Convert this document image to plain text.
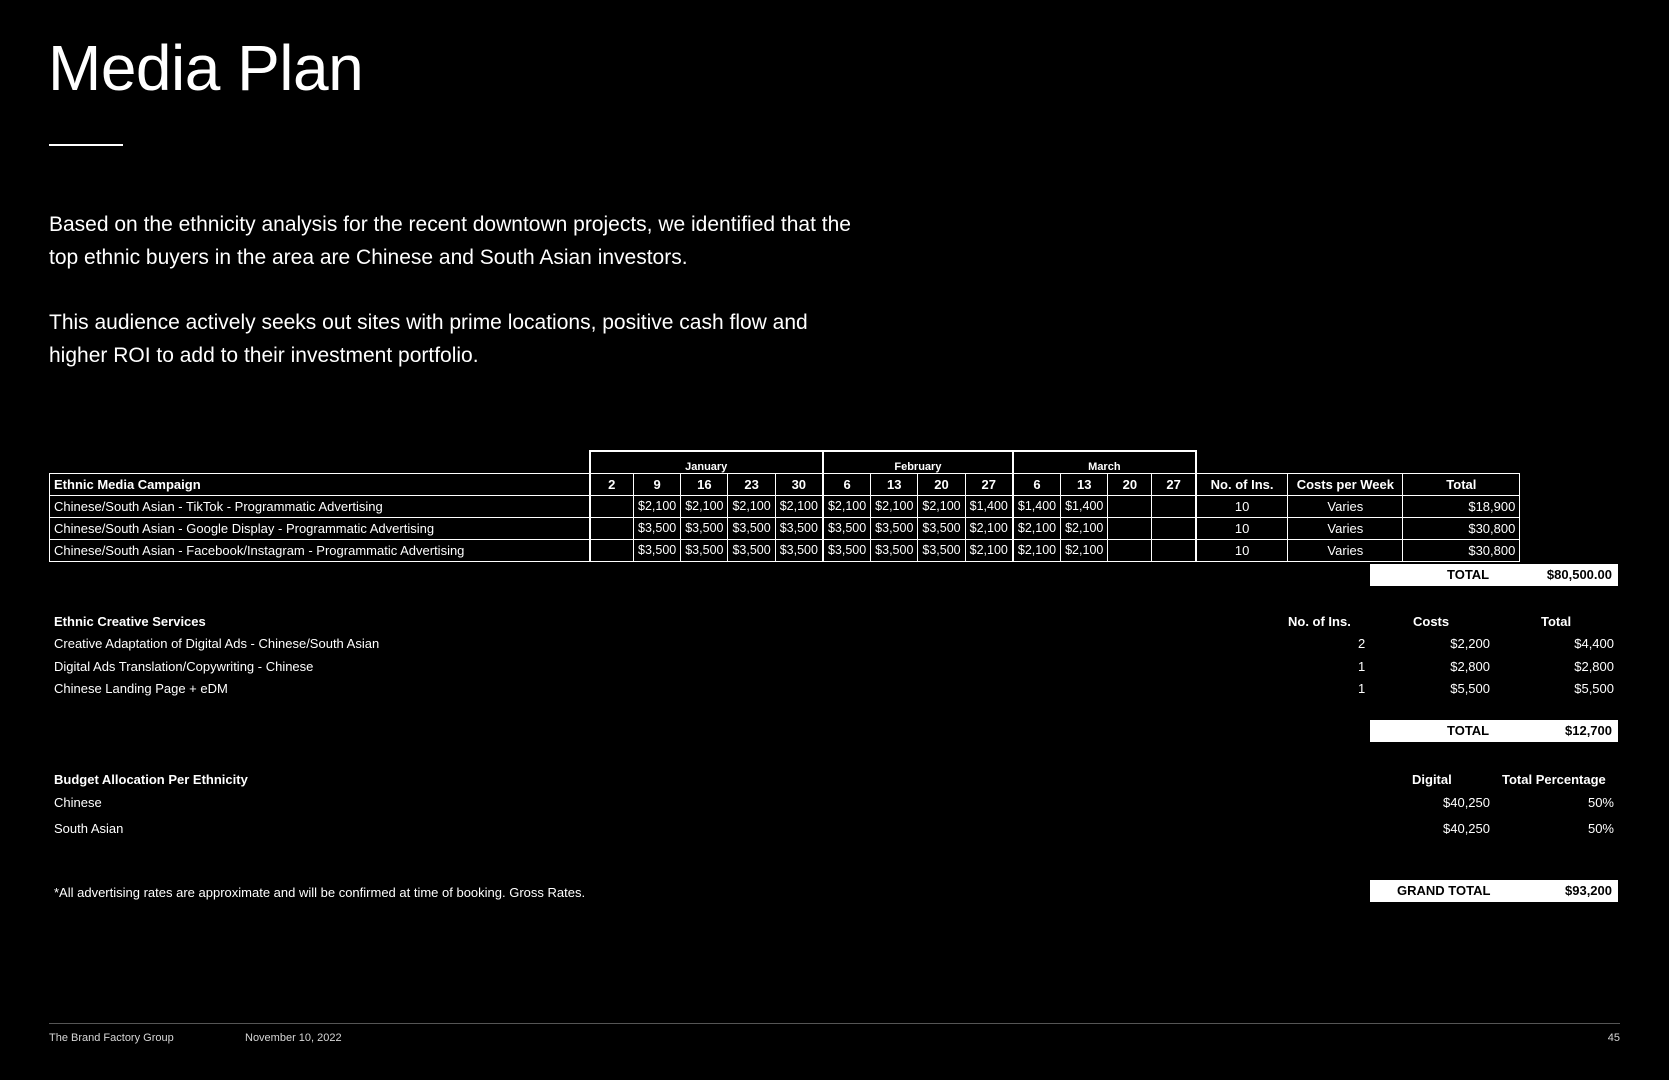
Media Plan

Based on the ethnicity analysis for the recent downtown projects, we identified that the top ethnic buyers in the area are Chinese and South Asian investors.

This audience actively seeks out sites with prime locations, positive cash flow and higher ROI to add to their investment portfolio.

	January					February				March						
Ethnic Media Campaign	2	9	16	23	30	6	13	20	27	6	13	20	27	No. of Ins.	Costs per Week	Total
Chinese/South Asian - TikTok - Programmatic Advertising		$2,100	$2,100	$2,100	$2,100	$2,100	$2,100	$2,100	$1,400	$1,400	$1,400			10	Varies	$18,900
Chinese/South Asian - Google Display - Programmatic Advertising		$3,500	$3,500	$3,500	$3,500	$3,500	$3,500	$3,500	$2,100	$2,100	$2,100			10	Varies	$30,800
Chinese/South Asian - Facebook/Instagram - Programmatic Advertising		$3,500	$3,500	$3,500	$3,500	$3,500	$3,500	$3,500	$2,100	$2,100	$2,100			10	Varies	$30,800
TOTAL	$80,500.00
Ethnic Creative Services	No. of Ins.	Costs	Total
Creative Adaptation of Digital Ads - Chinese/South Asian	2	$2,200	$4,400
Digital Ads Translation/Copywriting - Chinese	1	$2,800	$2,800
Chinese Landing Page + eDM	1	$5,500	$5,500
TOTAL	$12,700
Budget Allocation Per Ethnicity	Digital	Total Percentage
Chinese	$40,250	50%
South Asian	$40,250	50%
*All advertising rates are approximate and will be confirmed at time of booking. Gross Rates.	GRAND TOTAL	$93,200
The Brand Factory Group	November 10, 2022	45
